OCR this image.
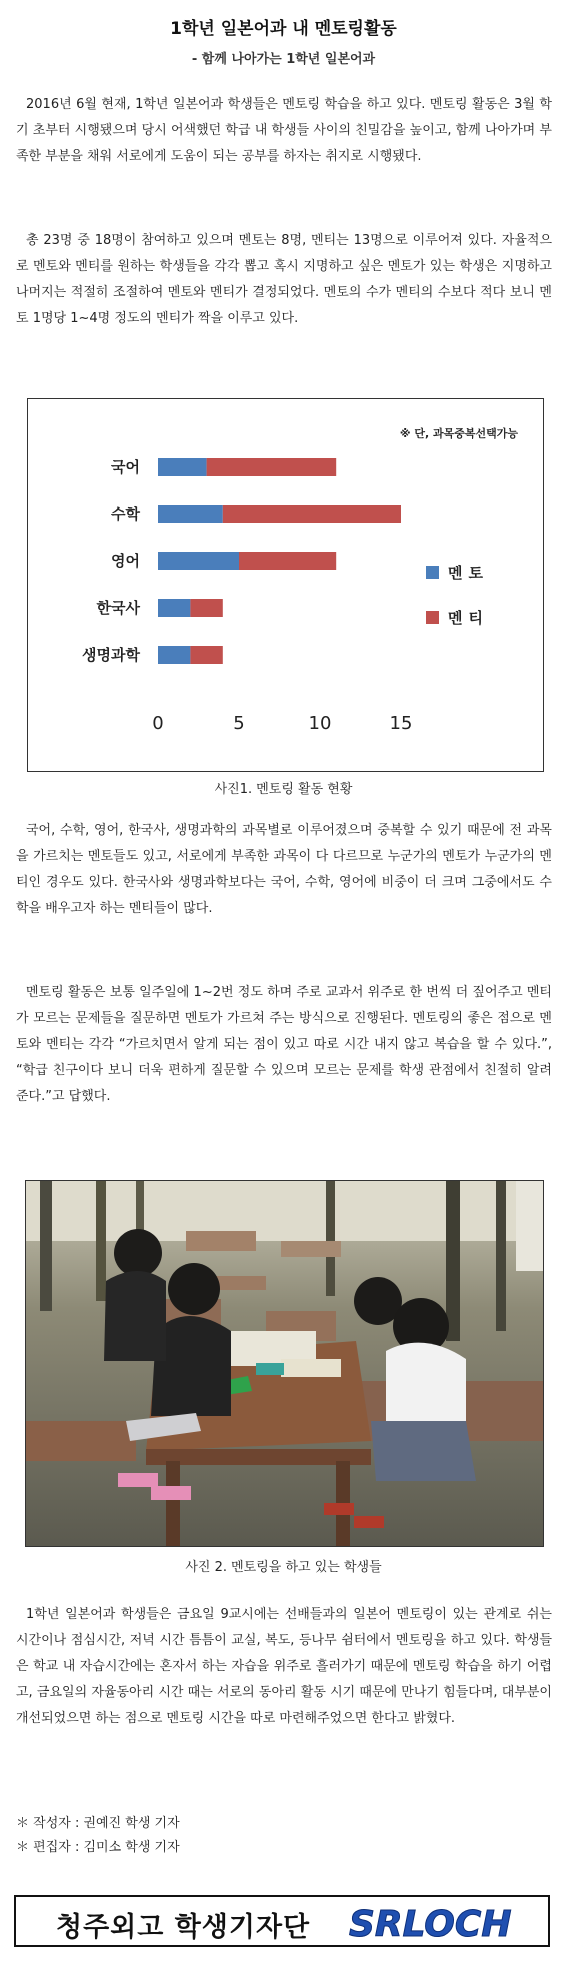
1학년 일본어과 내 멘토링활동
- 함께 나아가는 1학년 일본어과

2016년 6월 현재, 1학년 일본어과 학생들은 멘토링 학습을 하고 있다. 멘토링 활동은 3월 학기 초부터 시행됐으며 당시 어색했던 학급 내 학생들 사이의 친밀감을 높이고, 함께 나아가며 부족한 부분을 채워 서로에게 도움이 되는 공부를 하자는 취지로 시행됐다.

총 23명 중 18명이 참여하고 있으며 멘토는 8명, 멘티는 13명으로 이루어져 있다. 자율적으로 멘토와 멘티를 원하는 학생들을 각각 뽑고 혹시 지명하고 싶은 멘토가 있는 학생은 지명하고 나머지는 적절히 조절하여 멘토와 멘티가 결정되었다. 멘토의 수가 멘티의 수보다 적다 보니 멘토 1명당 1~4명 정도의 멘티가 짝을 이루고 있다.

※ 단, 과목중복선택가능
국어
수학
영어
한국사
생명과학
0	5	10	15
멘토
멘티
사진1. 멘토링 활동 현황

국어, 수학, 영어, 한국사, 생명과학의 과목별로 이루어졌으며 중복할 수 있기 때문에 전 과목을 가르치는 멘토들도 있고, 서로에게 부족한 과목이 다 다르므로 누군가의 멘토가 누군가의 멘티인 경우도 있다. 한국사와 생명과학보다는 국어, 수학, 영어에 비중이 더 크며 그중에서도 수학을 배우고자 하는 멘티들이 많다.

멘토링 활동은 보통 일주일에 1~2번 정도 하며 주로 교과서 위주로 한 번씩 더 짚어주고 멘티가 모르는 문제들을 질문하면 멘토가 가르쳐 주는 방식으로 진행된다. 멘토링의 좋은 점으로 멘토와 멘티는 각각 “가르치면서 알게 되는 점이 있고 따로 시간 내지 않고 복습을 할 수 있다.”, “학급 친구이다 보니 더욱 편하게 질문할 수 있으며 모르는 문제를 학생 관점에서 친절히 알려준다.”고 답했다.

사진 2. 멘토링을 하고 있는 학생들

1학년 일본어과 학생들은 금요일 9교시에는 선배들과의 일본어 멘토링이 있는 관계로 쉬는 시간이나 점심시간, 저녁 시간 틈틈이 교실, 복도, 등나무 쉼터에서 멘토링을 하고 있다. 학생들은 학교 내 자습시간에는 혼자서 하는 자습을 위주로 흘러가기 때문에 멘토링 학습을 하기 어렵고, 금요일의 자율동아리 시간 때는 서로의 동아리 활동 시기 때문에 만나기 힘들다며, 대부분이 개선되었으면 하는 점으로 멘토링 시간을 따로 마련해주었으면 한다고 밝혔다.

＊ 작성자 : 권예진 학생 기자
＊ 편집자 : 김미소 학생 기자
청주외고 학생기자단 SRLOCH
